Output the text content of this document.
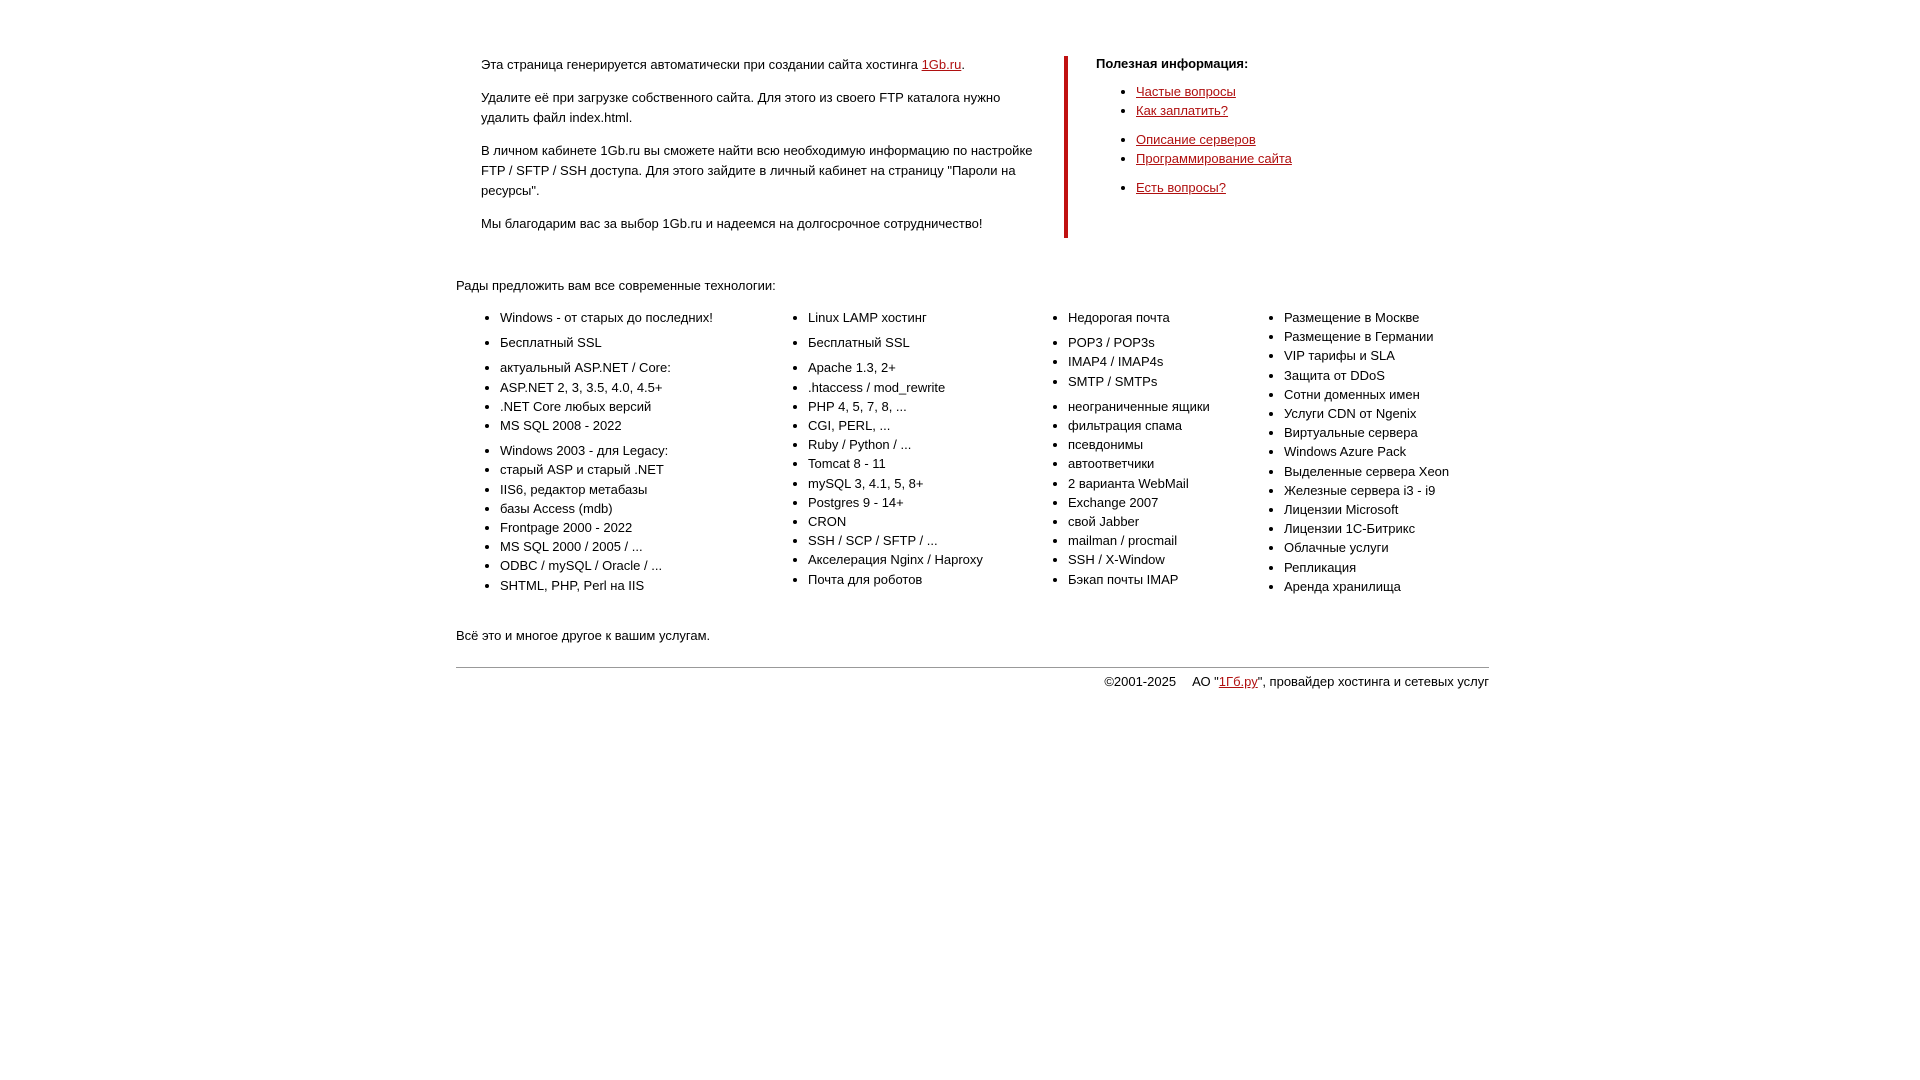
Эта страница генерируется автоматически при создании сайта хостинга 1Gb.ru.

Удалите её при загрузке собственного сайта. Для этого из своего FTP каталога нужно удалить файл index.html.

В личном кабинете 1Gb.ru вы сможете найти всю необходимую информацию по настройке FTP / SFTP / SSH доступа. Для этого зайдите в личный кабинет на страницу "Пароли на ресурсы".

Мы благодарим вас за выбор 1Gb.ru и надеемся на долгосрочное сотрудничество!

Полезная информация:
• Частые вопросы
• Как заплатить?
• Описание серверов
• Программирование сайта
• Есть вопросы?
Рады предложить вам все современные технологии:
• Windows - от старых до последних!
• Бесплатный SSL
• актуальный ASP.NET / Core:
• ASP.NET 2, 3, 3.5, 4.0, 4.5+
• .NET Core любых версий
• MS SQL 2008 - 2022
• Windows 2003 - для Legacy:
• старый ASP и старый .NET
• IIS6, редактор метабазы
• базы Access (mdb)
• Frontpage 2000 - 2022
• MS SQL 2000 / 2005 / ...
• ODBC / mySQL / Oracle / ...
• SHTML, PHP, Perl на IIS
• Linux LAMP хостинг
• Бесплатный SSL
• Apache 1.3, 2+
• .htaccess / mod_rewrite
• PHP 4, 5, 7, 8, ...
• CGI, PERL, ...
• Ruby / Python / ...
• Tomcat 8 - 11
• mySQL 3, 4.1, 5, 8+
• Postgres 9 - 14+
• CRON
• SSH / SCP / SFTP / ...
• Акселерация Nginx / Haproxy
• Почта для роботов
• Недорогая почта
• POP3 / POP3s
• IMAP4 / IMAP4s
• SMTP / SMTPs
• неограниченные ящики
• фильтрация спама
• псевдонимы
• автоответчики
• 2 варианта WebMail
• Exchange 2007
• свой Jabber
• mailman / procmail
• SSH / X-Window
• Бэкап почты IMAP
• Размещение в Москве
• Размещение в Германии
• VIP тарифы и SLA
• Защита от DDoS
• Сотни доменных имен
• Услуги CDN от Ngenix
• Виртуальные сервера
• Windows Azure Pack
• Выделенные сервера Xeon
• Железные сервера i3 - i9
• Лицензии Microsoft
• Лицензии 1С-Битрикс
• Облачные услуги
• Репликация
• Аренда хранилища
Всё это и многое другое к вашим услугам.
©2001-2025 АО "1Гб.ру", провайдер хостинга и сетевых услуг
